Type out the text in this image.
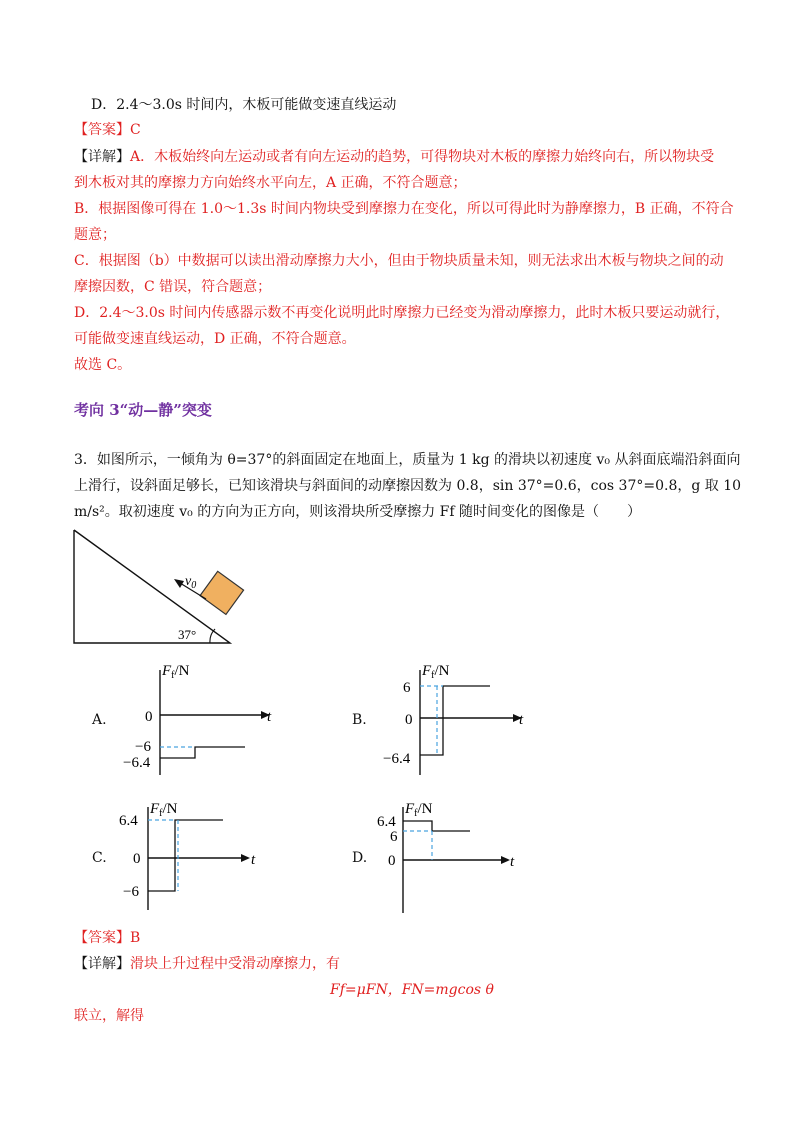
D．2.4～3.0s 时间内，木板可能做变速直线运动
【答案】C
【详解】A．木板始终向左运动或者有向左运动的趋势，可得物块对木板的摩擦力始终向右，所以物块受
到木板对其的摩擦力方向始终水平向左，A 正确，不符合题意；
B．根据图像可得在 1.0～1.3s 时间内物块受到摩擦力在变化，所以可得此时为静摩擦力，B 正确，不符合
题意；
C．根据图（b）中数据可以读出滑动摩擦力大小，但由于物块质量未知，则无法求出木板与物块之间的动
摩擦因数，C 错误，符合题意；
D．2.4～3.0s 时间内传感器示数不再变化说明此时摩擦力已经变为滑动摩擦力，此时木板只要运动就行，
可能做变速直线运动，D 正确，不符合题意。
故选 C。
考向 3“动—静”突变
3．如图所示，一倾角为 θ=37°的斜面固定在地面上，质量为 1 kg 的滑块以初速度 v₀ 从斜面底端沿斜面向
上滑行，设斜面足够长，已知该滑块与斜面间的动摩擦因数为 0.8，sin 37°=0.6，cos 37°=0.8，g 取 10
m/s²。取初速度 v₀ 的方向为正方向，则该滑块所受摩擦力 Ff 随时间变化的图像是（　　）
$v_0$
37°
A.
$F_f/N$
t
0
−6
−6.4
B.
$F_f/N$
t
0
6
−6.4
C.
$F_f/N$
t
0
6.4
−6
D.
$F_f/N$
t
0
6.4
6
【答案】B
【详解】滑块上升过程中受滑动摩擦力，有
Ff=μFN，FN=mgcos θ
联立，解得
